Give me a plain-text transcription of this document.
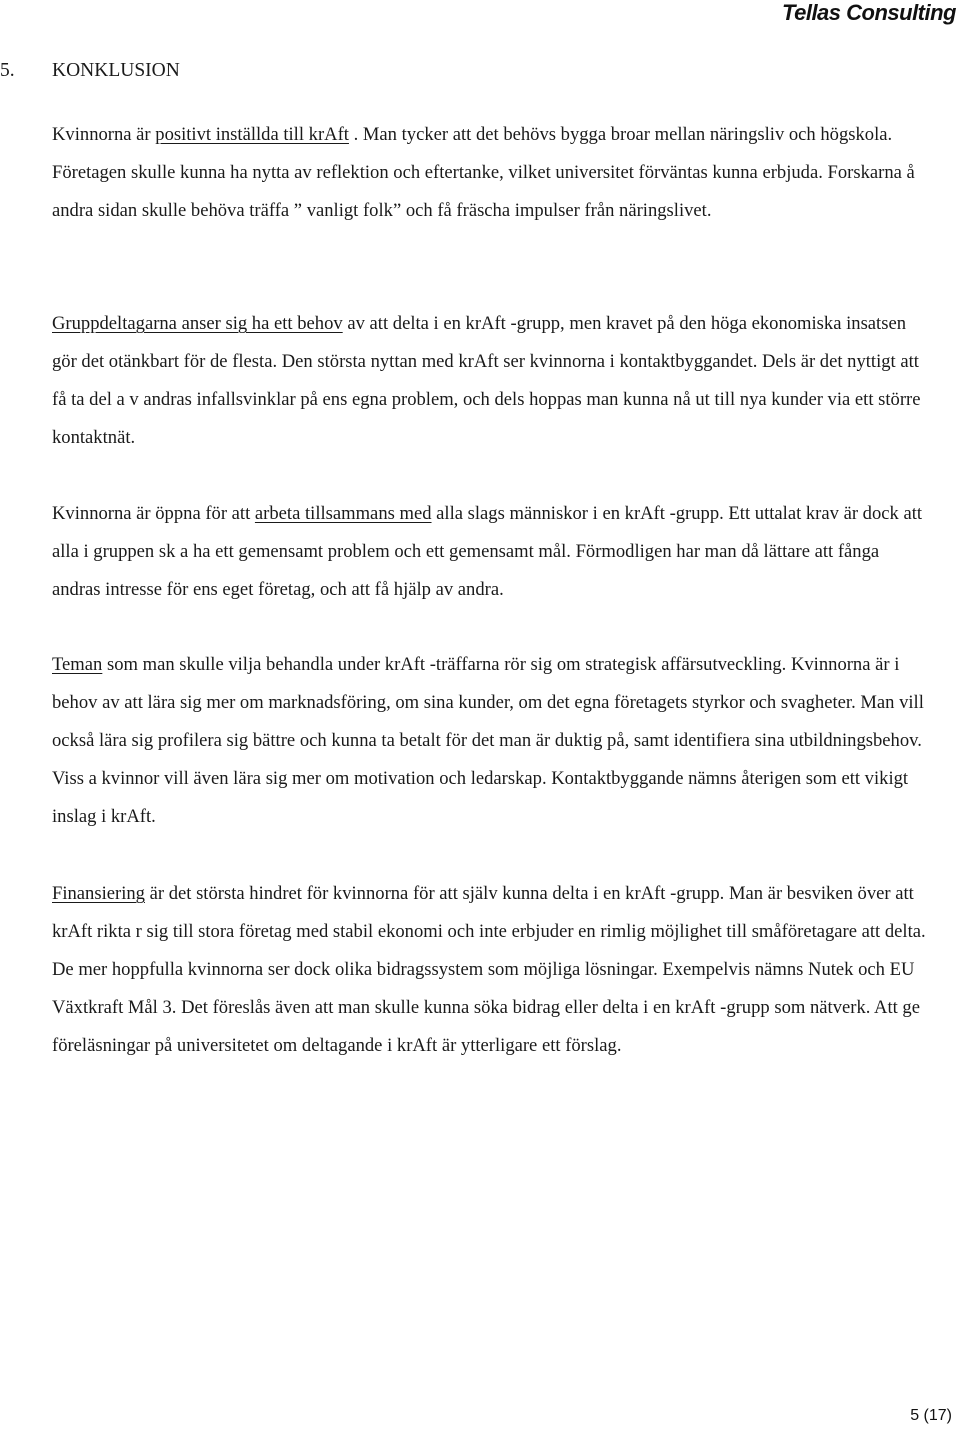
Tellas Consulting
5. KONKLUSION

Kvinnorna är positivt inställda till krAft . Man tycker att det behövs bygga broar mellan näringsliv och högskola. Företagen skulle kunna ha nytta av reflektion och eftertanke, vilket universitet förväntas kunna erbjuda. Forskarna å andra sidan skulle behöva träffa ” vanligt folk” och få fräscha impulser från näringslivet.

Gruppdeltagarna anser sig ha ett behov av att delta i en krAft -grupp, men kravet på den höga ekonomiska insatsen gör det otänkbart för de flesta. Den största nyttan med krAft ser kvinnorna i kontaktbyggandet. Dels är det nyttigt att få ta del a v andras infallsvinklar på ens egna problem, och dels hoppas man kunna nå ut till nya kunder via ett större kontaktnät.

Kvinnorna är öppna för att arbeta tillsammans med alla slags människor i en krAft -grupp. Ett uttalat krav är dock att alla i gruppen sk a ha ett gemensamt problem och ett gemensamt mål. Förmodligen har man då lättare att fånga andras intresse för ens eget företag, och att få hjälp av andra.

Teman som man skulle vilja behandla under krAft -träffarna rör sig om strategisk affärsutveckling. Kvinnorna är i behov av att lära sig mer om marknadsföring, om sina kunder, om det egna företagets styrkor och svagheter. Man vill också lära sig profilera sig bättre och kunna ta betalt för det man är duktig på, samt identifiera sina utbildningsbehov. Viss a kvinnor vill även lära sig mer om motivation och ledarskap. Kontaktbyggande nämns återigen som ett vikigt inslag i krAft.

Finansiering är det största hindret för kvinnorna för att själv kunna delta i en krAft -grupp. Man är besviken över att krAft rikta r sig till stora företag med stabil ekonomi och inte erbjuder en rimlig möjlighet till småföretagare att delta. De mer hoppfulla kvinnorna ser dock olika bidragssystem som möjliga lösningar. Exempelvis nämns Nutek och EU Växtkraft Mål 3. Det föreslås även att man skulle kunna söka bidrag eller delta i en krAft -grupp som nätverk. Att ge föreläsningar på universitetet om deltagande i krAft är ytterligare ett förslag.

5 (17)
